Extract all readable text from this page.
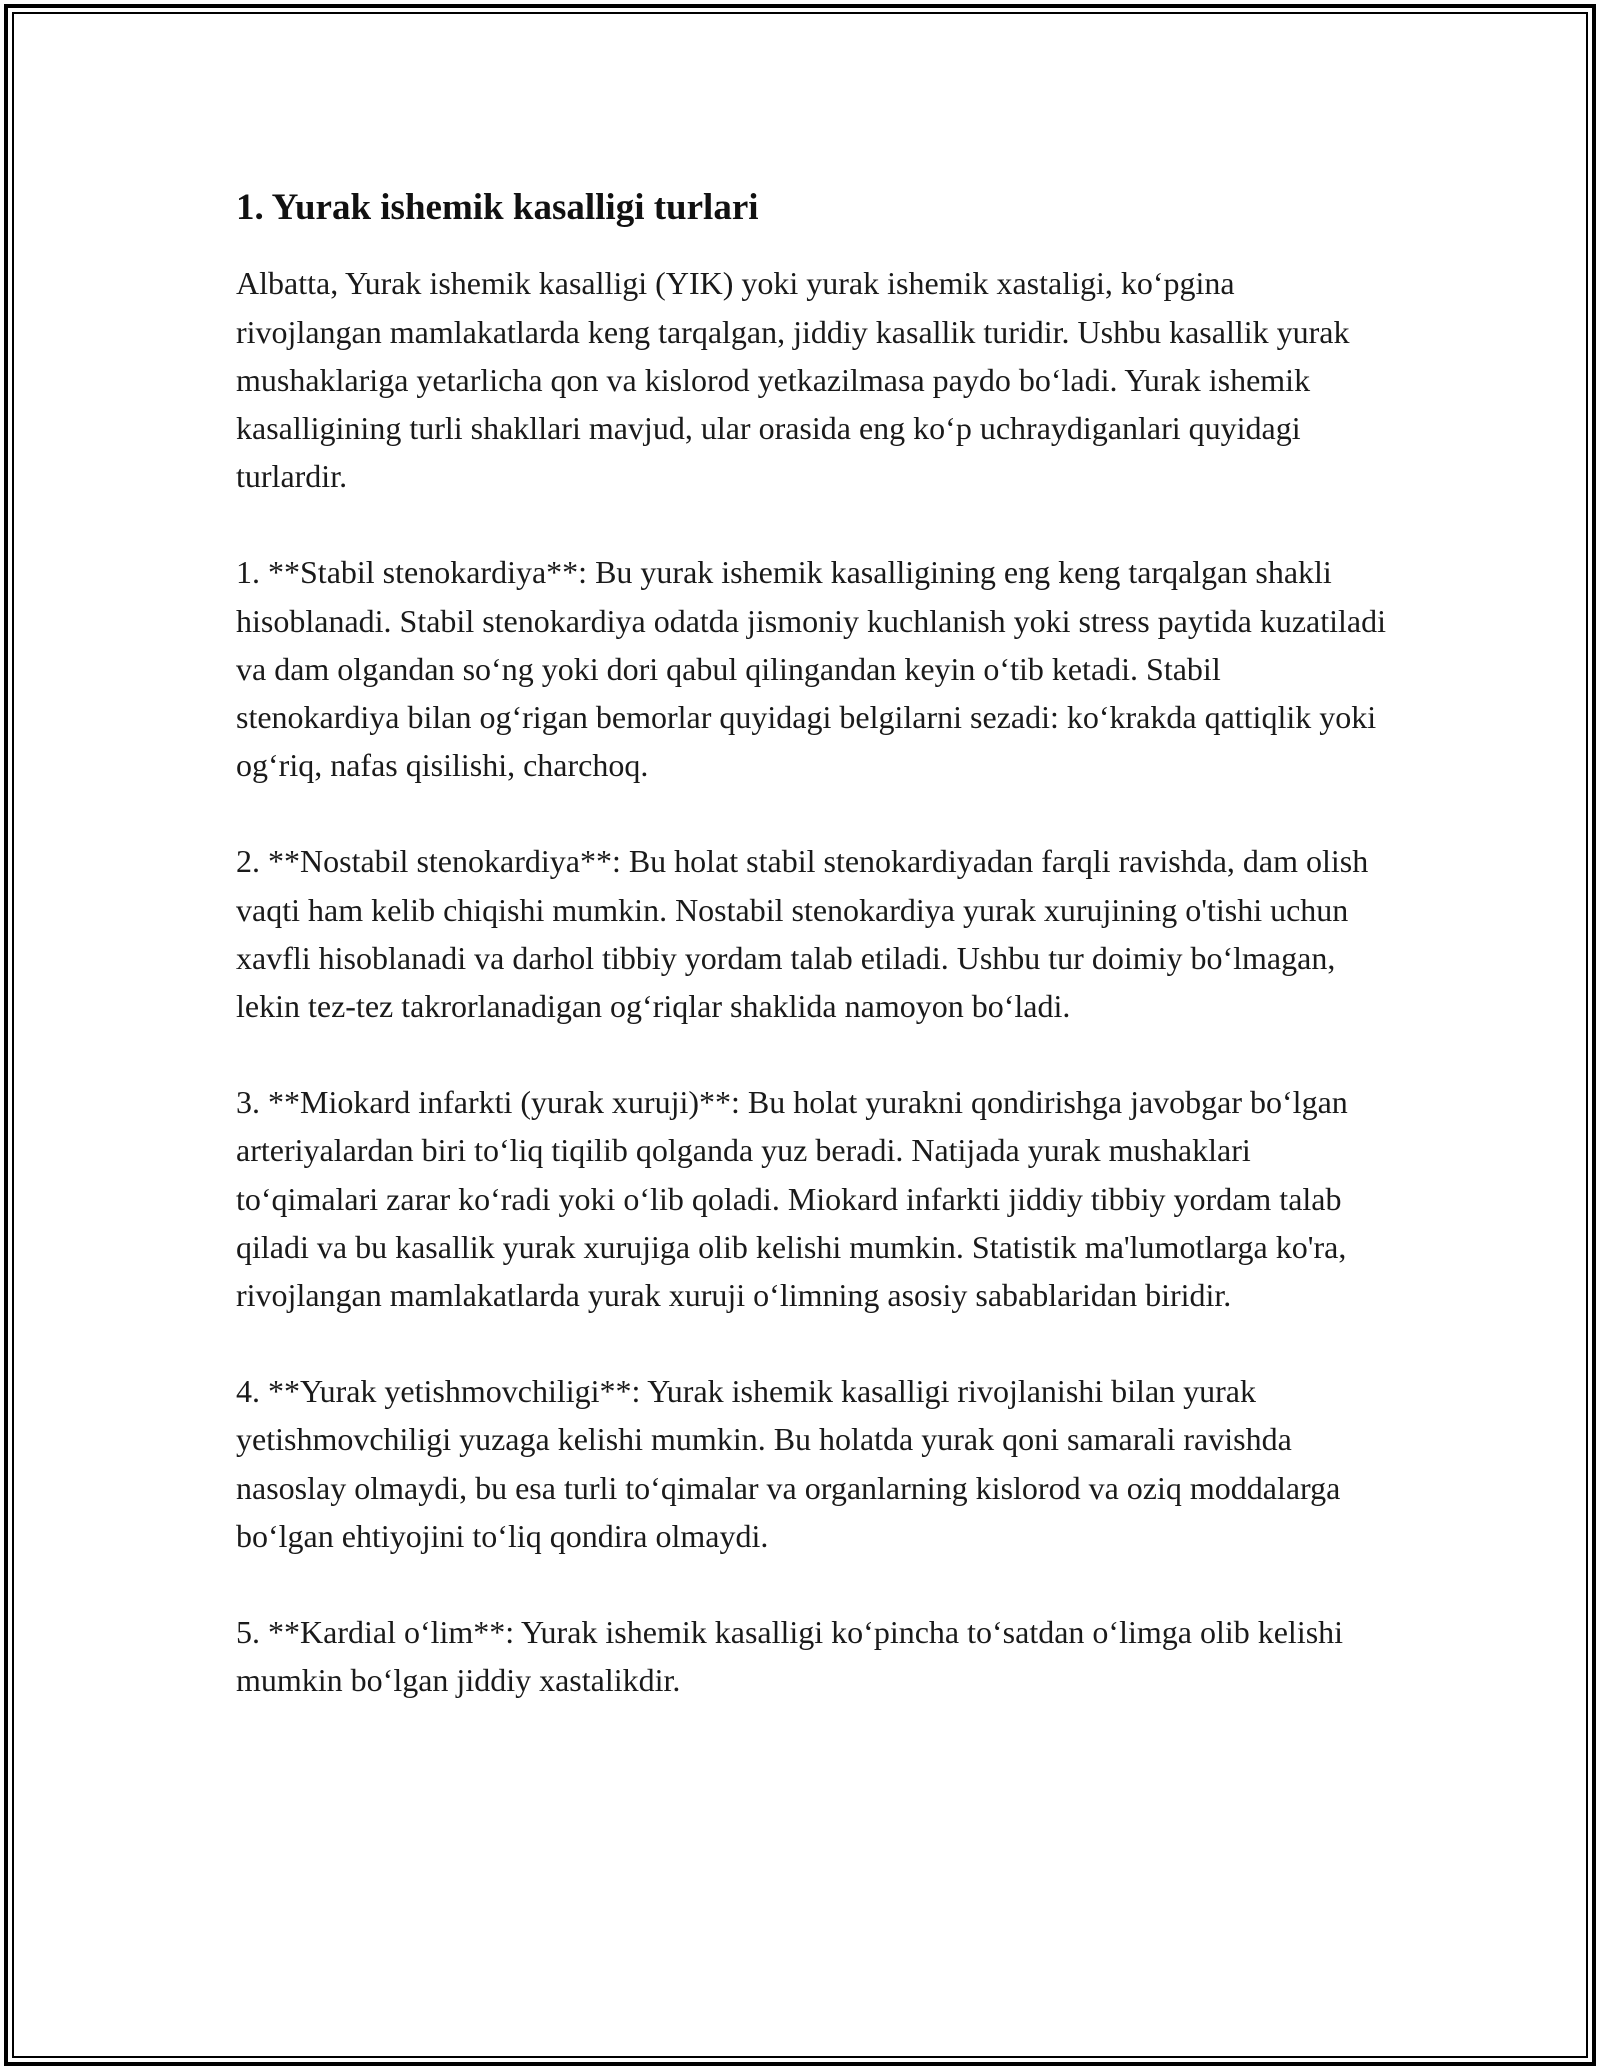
1. Yurak ishemik kasalligi turlari

Albatta, Yurak ishemik kasalligi (YIK) yoki yurak ishemik xastaligi, ko‘pgina rivojlangan mamlakatlarda keng tarqalgan, jiddiy kasallik turidir. Ushbu kasallik yurak mushaklariga yetarlicha qon va kislorod yetkazilmasa paydo bo‘ladi. Yurak ishemik kasalligining turli shakllari mavjud, ular orasida eng ko‘p uchraydiganlari quyidagi turlardir.

1. **Stabil stenokardiya**: Bu yurak ishemik kasalligining eng keng tarqalgan shakli hisoblanadi. Stabil stenokardiya odatda jismoniy kuchlanish yoki stress paytida kuzatiladi va dam olgandan so‘ng yoki dori qabul qilingandan keyin o‘tib ketadi. Stabil stenokardiya bilan og‘rigan bemorlar quyidagi belgilarni sezadi: ko‘krakda qattiqlik yoki og‘riq, nafas qisilishi, charchoq.

2. **Nostabil stenokardiya**: Bu holat stabil stenokardiyadan farqli ravishda, dam olish vaqti ham kelib chiqishi mumkin. Nostabil stenokardiya yurak xurujining o'tishi uchun xavfli hisoblanadi va darhol tibbiy yordam talab etiladi. Ushbu tur doimiy bo‘lmagan, lekin tez-tez takrorlanadigan og‘riqlar shaklida namoyon bo‘ladi.

3. **Miokard infarkti (yurak xuruji)**: Bu holat yurakni qondirishga javobgar bo‘lgan arteriyalardan biri to‘liq tiqilib qolganda yuz beradi. Natijada yurak mushaklari to‘qimalari zarar ko‘radi yoki o‘lib qoladi. Miokard infarkti jiddiy tibbiy yordam talab qiladi va bu kasallik yurak xurujiga olib kelishi mumkin. Statistik ma'lumotlarga ko'ra, rivojlangan mamlakatlarda yurak xuruji o‘limning asosiy sabablaridan biridir.

4. **Yurak yetishmovchiligi**: Yurak ishemik kasalligi rivojlanishi bilan yurak yetishmovchiligi yuzaga kelishi mumkin. Bu holatda yurak qoni samarali ravishda nasoslay olmaydi, bu esa turli to‘qimalar va organlarning kislorod va oziq moddalarga bo‘lgan ehtiyojini to‘liq qondira olmaydi.

5. **Kardial o‘lim**: Yurak ishemik kasalligi ko‘pincha to‘satdan o‘limga olib kelishi mumkin bo‘lgan jiddiy xastalikdir.
